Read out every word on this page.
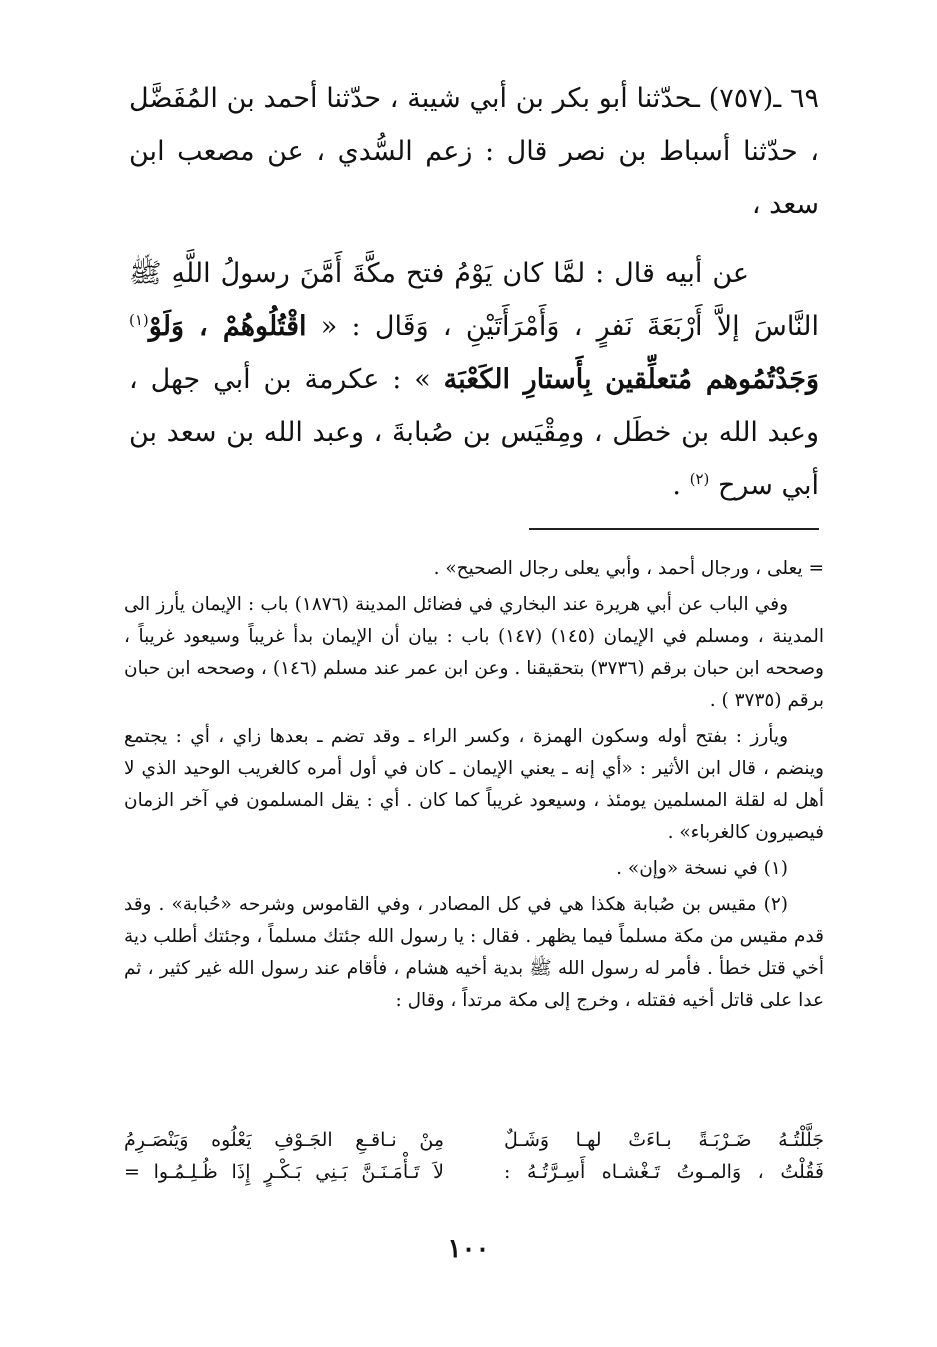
٦٩ ـ(٧٥٧) ـحدّثنا أبو بكر بن أبي شيبة ، حدّثنا أحمد بن المُفَضَّل ، حدّثنا أسباط بن نصر قال : زعم السُّدي ، عن مصعب ابن سعد ،

عن أبيه قال : لمَّا كان يَوْمُ فتح مكَّةَ أَمَّنَ رسولُ اللَّهِ ﷺ النَّاسَ إلاَّ أَرْبَعَةَ نَفرٍ ، وَأَمْرَأَتَيْنِ ، وَقَال : « اقْتُلُوهُمْ ، وَلَوْ$^{(١)}$ وَجَدْتُمُوهم مُتعلِّقين بِأَستارِ الكَعْبَة » : عكرمة بن أبي جهل ، وعبد الله بن خطَل ، ومِقْيَس بن صُبابةَ ، وعبد الله بن سعد بن أبي سرح $^{(٢)}$ .

= يعلى ، ورجال أحمد ، وأبي يعلى رجال الصحيح» .

وفي الباب عن أبي هريرة عند البخاري في فضائل المدينة (١٨٧٦) باب : الإيمان يأرز الى المدينة ، ومسلم في الإيمان (١٤٥) (١٤٧) باب : بيان أن الإيمان بدأ غريباً وسيعود غريباً ، وصححه ابن حبان برقم (٣٧٣٦) بتحقيقنا . وعن ابن عمر عند مسلم (١٤٦) ، وصححه ابن حبان برقم (٣٧٣٥ ) .

ويأرز : بفتح أوله وسكون الهمزة ، وكسر الراء ـ وقد تضم ـ بعدها زاي ، أي : يجتمع وينضم ، قال ابن الأثير : «أي إنه ـ يعني الإيمان ـ كان في أول أمره كالغريب الوحيد الذي لا أهل له لقلة المسلمين يومئذ ، وسيعود غريباً كما كان . أي : يقل المسلمون في آخر الزمان فيصيرون كالغرباء» .

(١) في نسخة «وإن» .

(٢) مقيس بن صُبابة هكذا هي في كل المصادر ، وفي القاموس وشرحه «حُبابة» . وقد قدم مقيس من مكة مسلماً فيما يظهر . فقال : يا رسول الله جئتك مسلماً ، وجئتك أطلب دية أخي قتل خطأ . فأمر له رسول الله ﷺ بدية أخيه هشام ، فأقام عند رسول الله غير كثير ، ثم عدا على قاتل أخيه فقتله ، وخرج إلى مكة مرتداً ، وقال :

جَلَّلْتُـهُ ضَـرْبَـةً بـاءَتْ لهـا وَشَـلٌ
مِنْ نـاقـعِ الجَـوْفِ يَعْلُوه وَيَنْصَـرِمُ
فَقُلْتُ ، وَالمـوتُ تَـغْشـاه أَسِـرَّتُـهُ :
لاَ تَـأْمَـنَـنَّ بَـنِي بَـكْـرٍ إِذَا ظُـلِـمُـوا =
١٠٠
